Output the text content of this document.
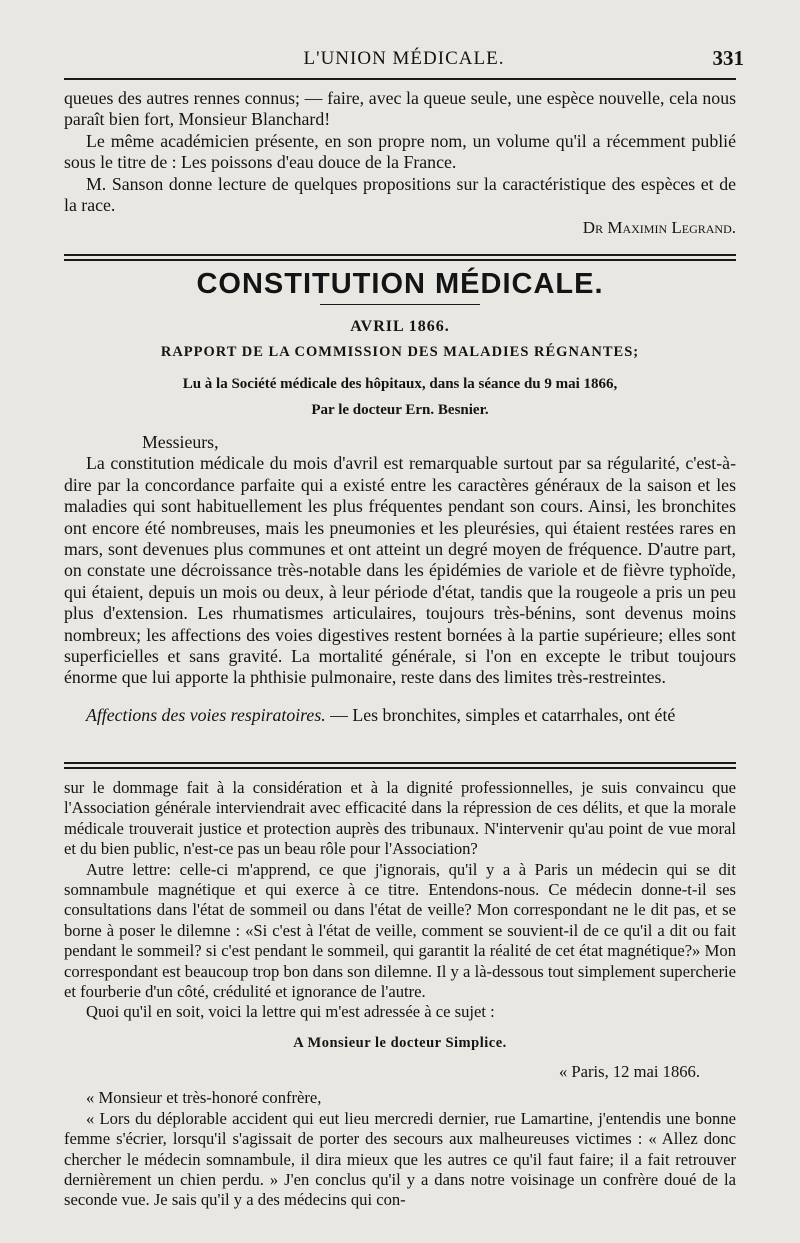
L'UNION MÉDICALE.	331

queues des autres rennes connus; — faire, avec la queue seule, une espèce nouvelle, cela nous paraît bien fort, Monsieur Blanchard!

Le même académicien présente, en son propre nom, un volume qu'il a récemment publié sous le titre de : Les poissons d'eau douce de la France.

M. Sanson donne lecture de quelques propositions sur la caractéristique des espèces et de la race.

Dr Maximin Legrand.

CONSTITUTION MÉDICALE.
AVRIL 1866.
RAPPORT DE LA COMMISSION DES MALADIES RÉGNANTES;
Lu à la Société médicale des hôpitaux, dans la séance du 9 mai 1866,
Par le docteur Ern. Besnier.

Messieurs,

La constitution médicale du mois d'avril est remarquable surtout par sa régularité, c'est-à-dire par la concordance parfaite qui a existé entre les caractères généraux de la saison et les maladies qui sont habituellement les plus fréquentes pendant son cours. Ainsi, les bronchites ont encore été nombreuses, mais les pneumonies et les pleurésies, qui étaient restées rares en mars, sont devenues plus communes et ont atteint un degré moyen de fréquence. D'autre part, on constate une décroissance très-notable dans les épidémies de variole et de fièvre typhoïde, qui étaient, depuis un mois ou deux, à leur période d'état, tandis que la rougeole a pris un peu plus d'extension. Les rhumatismes articulaires, toujours très-bénins, sont devenus moins nombreux; les affections des voies digestives restent bornées à la partie supérieure; elles sont superficielles et sans gravité. La mortalité générale, si l'on en excepte le tribut toujours énorme que lui apporte la phthisie pulmonaire, reste dans des limites très-restreintes.

Affections des voies respiratoires. — Les bronchites, simples et catarrhales, ont été

sur le dommage fait à la considération et à la dignité professionnelles, je suis convaincu que l'Association générale interviendrait avec efficacité dans la répression de ces délits, et que la morale médicale trouverait justice et protection auprès des tribunaux. N'intervenir qu'au point de vue moral et du bien public, n'est-ce pas un beau rôle pour l'Association?

Autre lettre: celle-ci m'apprend, ce que j'ignorais, qu'il y a à Paris un médecin qui se dit somnambule magnétique et qui exerce à ce titre. Entendons-nous. Ce médecin donne-t-il ses consultations dans l'état de sommeil ou dans l'état de veille? Mon correspondant ne le dit pas, et se borne à poser le dilemne : «Si c'est à l'état de veille, comment se souvient-il de ce qu'il a dit ou fait pendant le sommeil? si c'est pendant le sommeil, qui garantit la réalité de cet état magnétique?» Mon correspondant est beaucoup trop bon dans son dilemne. Il y a là-dessous tout simplement supercherie et fourberie d'un côté, crédulité et ignorance de l'autre.

Quoi qu'il en soit, voici la lettre qui m'est adressée à ce sujet :

A Monsieur le docteur Simplice.

« Paris, 12 mai 1866.

« Monsieur et très-honoré confrère,

« Lors du déplorable accident qui eut lieu mercredi dernier, rue Lamartine, j'entendis une bonne femme s'écrier, lorsqu'il s'agissait de porter des secours aux malheureuses victimes : « Allez donc chercher le médecin somnambule, il dira mieux que les autres ce qu'il faut faire; il a fait retrouver dernièrement un chien perdu. » J'en conclus qu'il y a dans notre voisinage un confrère doué de la seconde vue. Je sais qu'il y a des médecins qui con-
